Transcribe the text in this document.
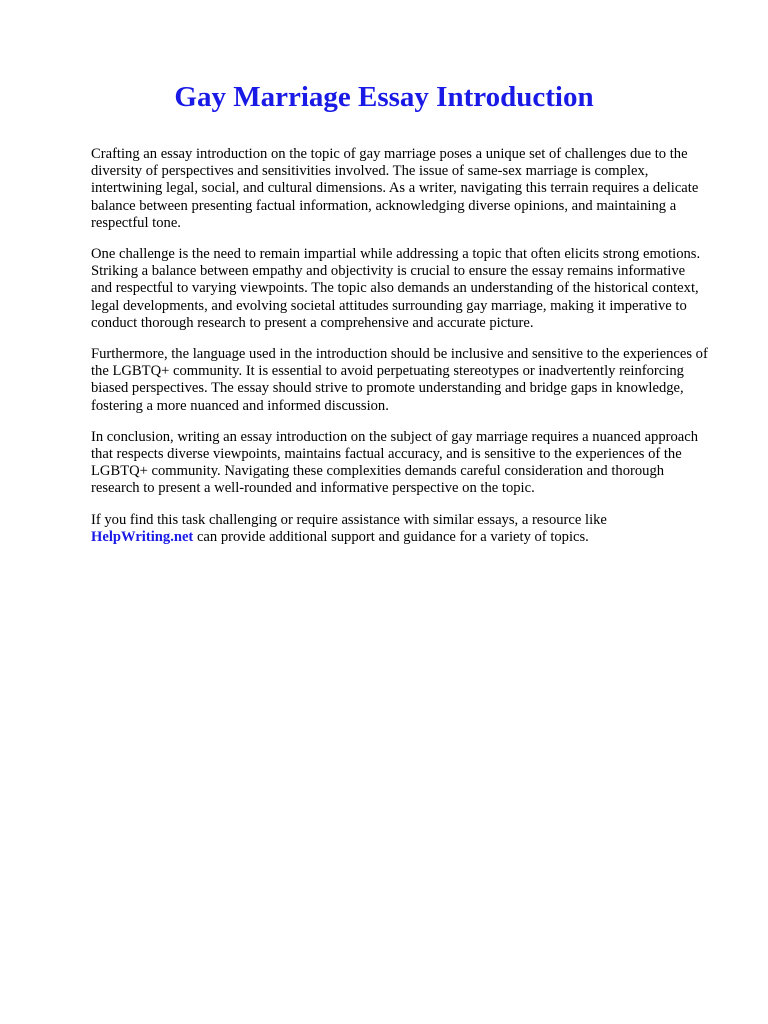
Gay Marriage Essay Introduction

Crafting an essay introduction on the topic of gay marriage poses a unique set of challenges due to the diversity of perspectives and sensitivities involved. The issue of same-sex marriage is complex, intertwining legal, social, and cultural dimensions. As a writer, navigating this terrain requires a delicate balance between presenting factual information, acknowledging diverse opinions, and maintaining a respectful tone.

One challenge is the need to remain impartial while addressing a topic that often elicits strong emotions. Striking a balance between empathy and objectivity is crucial to ensure the essay remains informative and respectful to varying viewpoints. The topic also demands an understanding of the historical context, legal developments, and evolving societal attitudes surrounding gay marriage, making it imperative to conduct thorough research to present a comprehensive and accurate picture.

Furthermore, the language used in the introduction should be inclusive and sensitive to the experiences of the LGBTQ+ community. It is essential to avoid perpetuating stereotypes or inadvertently reinforcing biased perspectives. The essay should strive to promote understanding and bridge gaps in knowledge, fostering a more nuanced and informed discussion.

In conclusion, writing an essay introduction on the subject of gay marriage requires a nuanced approach that respects diverse viewpoints, maintains factual accuracy, and is sensitive to the experiences of the LGBTQ+ community. Navigating these complexities demands careful consideration and thorough research to present a well-rounded and informative perspective on the topic.

If you find this task challenging or require assistance with similar essays, a resource like HelpWriting.net can provide additional support and guidance for a variety of topics.
